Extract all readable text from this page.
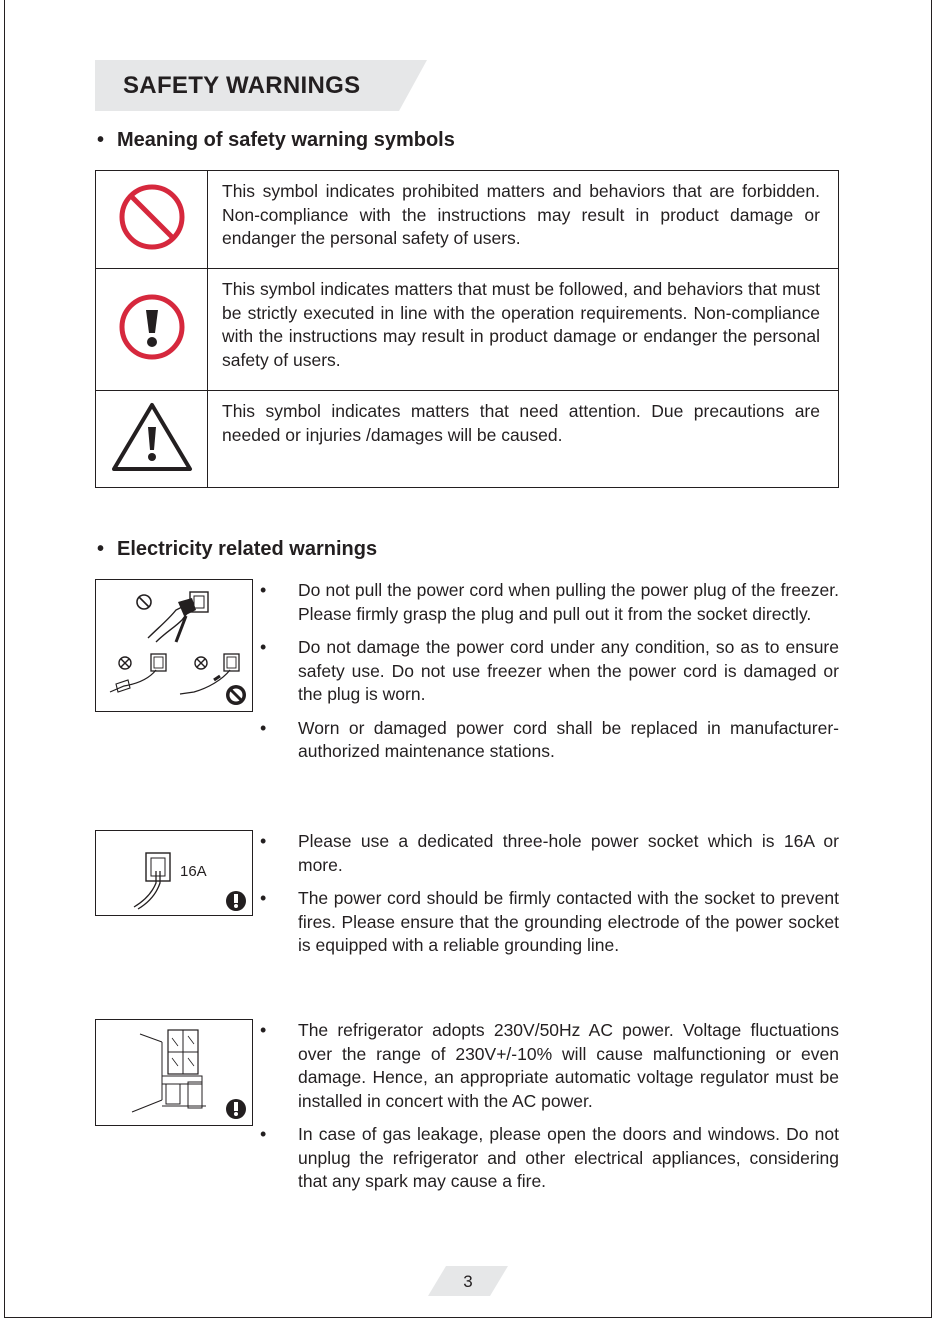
SAFETY WARNINGS
• Meaning of safety warning symbols
	This symbol indicates prohibited matters and behaviors that are forbidden. Non-compliance with the instructions may result in product damage or endanger the personal safety of users.
	This symbol indicates matters that must be followed, and behaviors that must be strictly executed in line with the operation requirements. Non-compliance with the instructions may result in product damage or endanger the personal safety of users.
	This symbol indicates matters that need attention. Due precautions are needed or injuries /damages will be caused.
• Electricity related warnings
• Do not pull the power cord when pulling the power plug of the freezer. Please firmly grasp the plug and pull out it from the socket directly.
• Do not damage the power cord under any condition, so as to ensure safety use. Do not use freezer when the power cord is damaged or the plug is worn.
• Worn or damaged power cord shall be replaced in manufacturer-authorized maintenance stations.
16A
• Please use a dedicated three-hole power socket which is 16A or more.
• The power cord should be firmly contacted with the socket to prevent fires. Please ensure that the grounding electrode of the power socket is equipped with a reliable grounding line.
• The refrigerator adopts 230V/50Hz AC power. Voltage fluctuations over the range of 230V+/-10% will cause malfunctioning or even damage. Hence, an appropriate automatic voltage regulator must be installed in concert with the AC power.
• In case of gas leakage, please open the doors and windows. Do not unplug the refrigerator and other electrical appliances, considering that any spark may cause a fire.
3
